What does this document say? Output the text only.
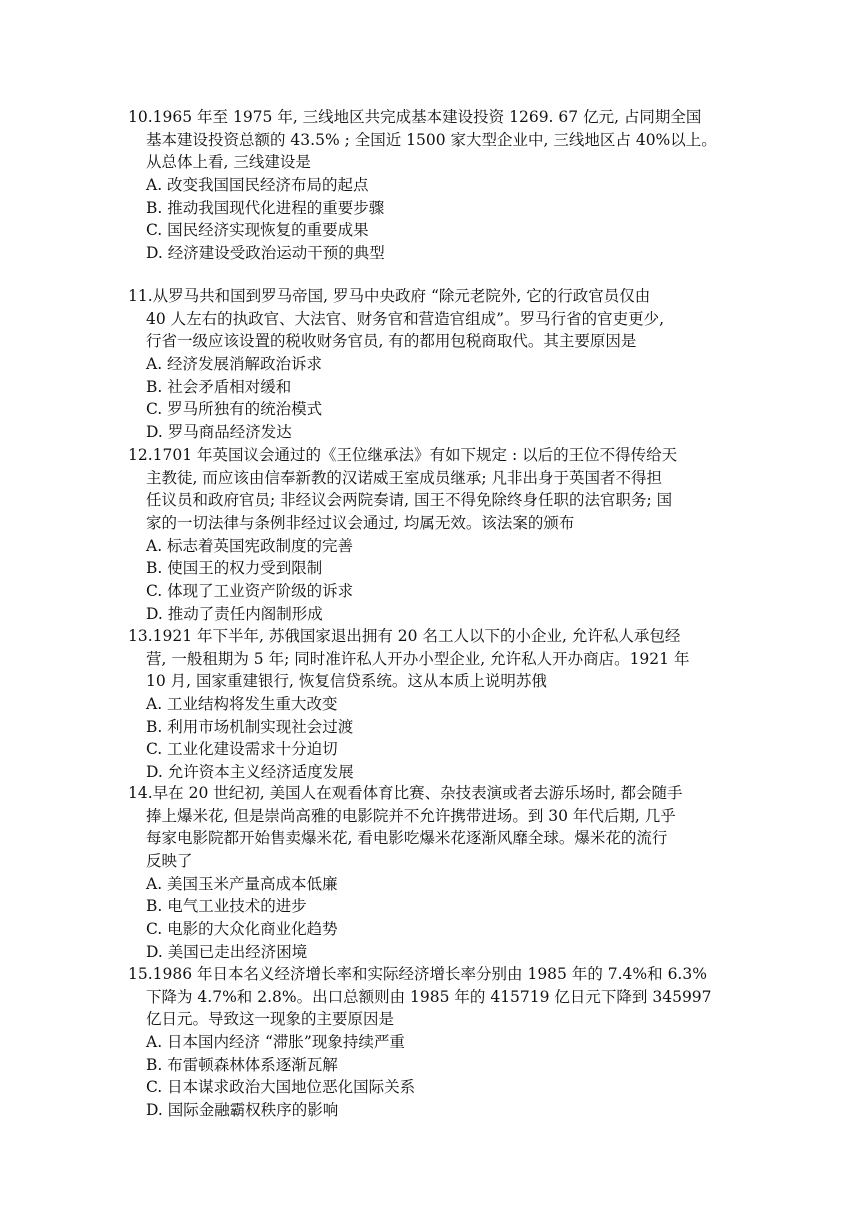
10.1965 年至 1975 年, 三线地区共完成基本建设投资 1269. 67 亿元, 占同期全国
基本建设投资总额的 43.5% ; 全国近 1500 家大型企业中, 三线地区占 40%以上。
从总体上看, 三线建设是
A. 改变我国国民经济布局的起点
B. 推动我国现代化进程的重要步骤
C. 国民经济实现恢复的重要成果
D. 经济建设受政治运动干预的典型
11.从罗马共和国到罗马帝国, 罗马中央政府 “除元老院外, 它的行政官员仅由
40 人左右的执政官、大法官、财务官和营造官组成”。罗马行省的官吏更少,
行省一级应该设置的税收财务官员, 有的都用包税商取代。其主要原因是
A. 经济发展消解政治诉求
B. 社会矛盾相对缓和
C. 罗马所独有的统治模式
D. 罗马商品经济发达
12.1701 年英国议会通过的《王位继承法》有如下规定 : 以后的王位不得传给天
主教徒, 而应该由信奉新教的汉诺威王室成员继承; 凡非出身于英国者不得担
任议员和政府官员; 非经议会两院奏请, 国王不得免除终身任职的法官职务; 国
家的一切法律与条例非经过议会通过, 均属无效。该法案的颁布
A. 标志着英国宪政制度的完善
B. 使国王的权力受到限制
C. 体现了工业资产阶级的诉求
D. 推动了责任内阁制形成
13.1921 年下半年, 苏俄国家退出拥有 20 名工人以下的小企业, 允许私人承包经
营, 一般租期为 5 年; 同时准许私人开办小型企业, 允许私人开办商店。1921 年
10 月, 国家重建银行, 恢复信贷系统。这从本质上说明苏俄
A. 工业结构将发生重大改变
B. 利用市场机制实现社会过渡
C. 工业化建设需求十分迫切
D. 允许资本主义经济适度发展
14.早在 20 世纪初, 美国人在观看体育比赛、杂技表演或者去游乐场时, 都会随手
捧上爆米花, 但是崇尚高雅的电影院并不允许携带进场。到 30 年代后期, 几乎
每家电影院都开始售卖爆米花, 看电影吃爆米花逐渐风靡全球。爆米花的流行
反映了
A. 美国玉米产量高成本低廉
B. 电气工业技术的进步
C. 电影的大众化商业化趋势
D. 美国已走出经济困境
15.1986 年日本名义经济增长率和实际经济增长率分别由 1985 年的 7.4%和 6.3%
下降为 4.7%和 2.8%。出口总额则由 1985 年的 415719 亿日元下降到 345997
亿日元。导致这一现象的主要原因是
A. 日本国内经济 “滞胀”现象持续严重
B. 布雷顿森林体系逐渐瓦解
C. 日本谋求政治大国地位恶化国际关系
D. 国际金融霸权秩序的影响
